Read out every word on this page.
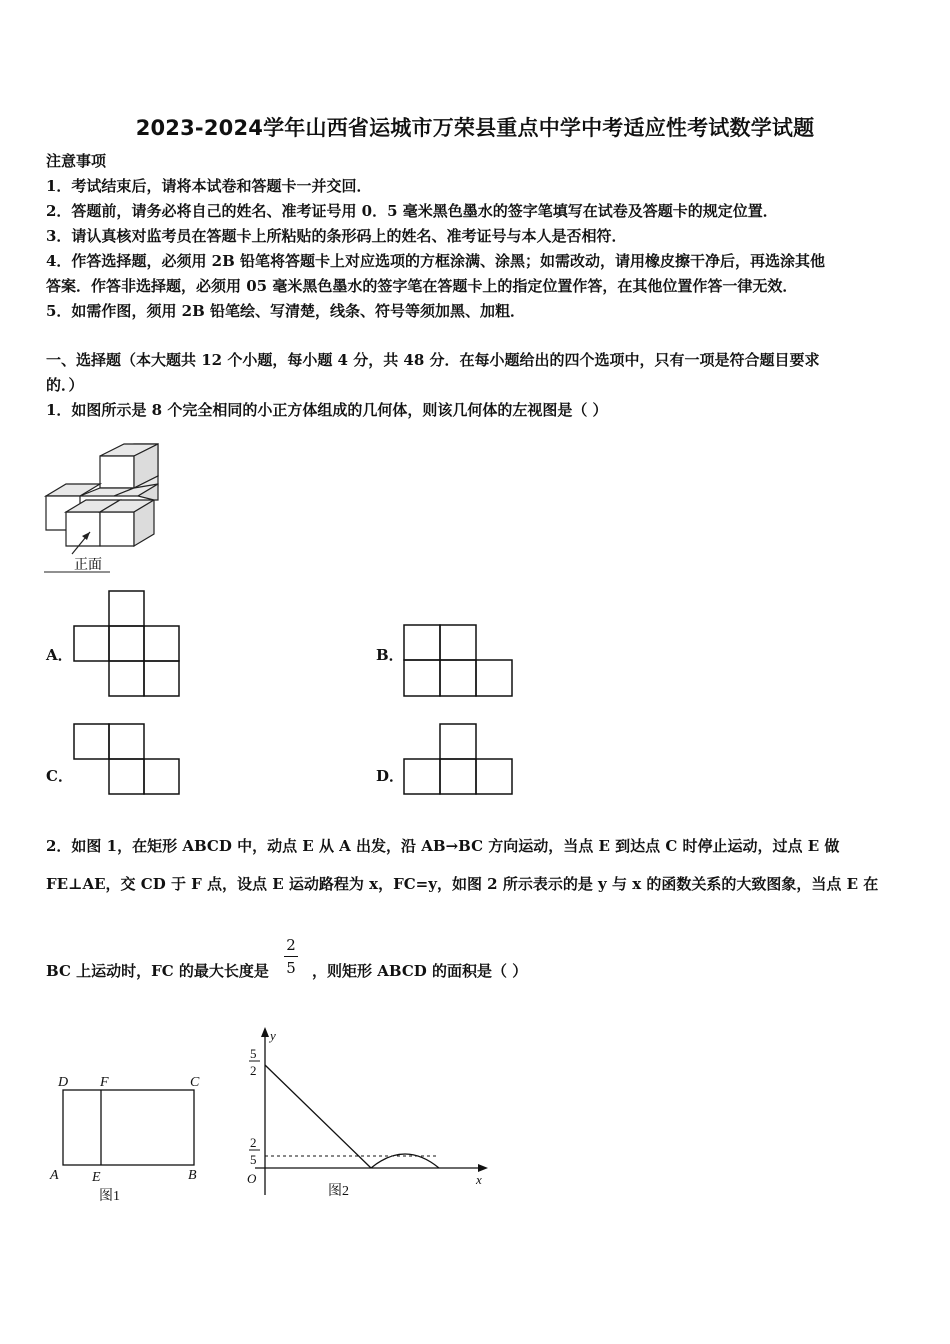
2023-2024学年山西省运城市万荣县重点中学中考适应性考试数学试题
注意事项
1．考试结束后，请将本试卷和答题卡一并交回．
2．答题前，请务必将自己的姓名、准考证号用 0．5 毫米黑色墨水的签字笔填写在试卷及答题卡的规定位置．
3．请认真核对监考员在答题卡上所粘贴的条形码上的姓名、准考证号与本人是否相符．
4．作答选择题，必须用 2B 铅笔将答题卡上对应选项的方框涂满、涂黑；如需改动，请用橡皮擦干净后，再选涂其他
答案．作答非选择题，必须用 05 毫米黑色墨水的签字笔在答题卡上的指定位置作答，在其他位置作答一律无效．
5．如需作图，须用 2B 铅笔绘、写清楚，线条、符号等须加黑、加粗．
一、选择题（本大题共 12 个小题，每小题 4 分，共 48 分．在每小题给出的四个选项中，只有一项是符合题目要求
的．）
1．如图所示是 8 个完全相同的小正方体组成的几何体，则该几何体的左视图是（ ）
正面
A．	B．
C．	D．
2．如图 1，在矩形 ABCD 中，动点 E 从 A 出发，沿 AB→BC 方向运动，当点 E 到达点 C 时停止运动，过点 E 做
FE⊥AE，交 CD 于 F 点，设点 E 运动路程为 x，FC=y，如图 2 所示表示的是 y 与 x 的函数关系的大致图象，当点 E 在
BC 上运动时，FC 的最大长度是
2
5 ，则矩形 ABCD 的面积是（ ）
D F	C
A E	B
图1
y
x
O
5
2
2
5
图2
